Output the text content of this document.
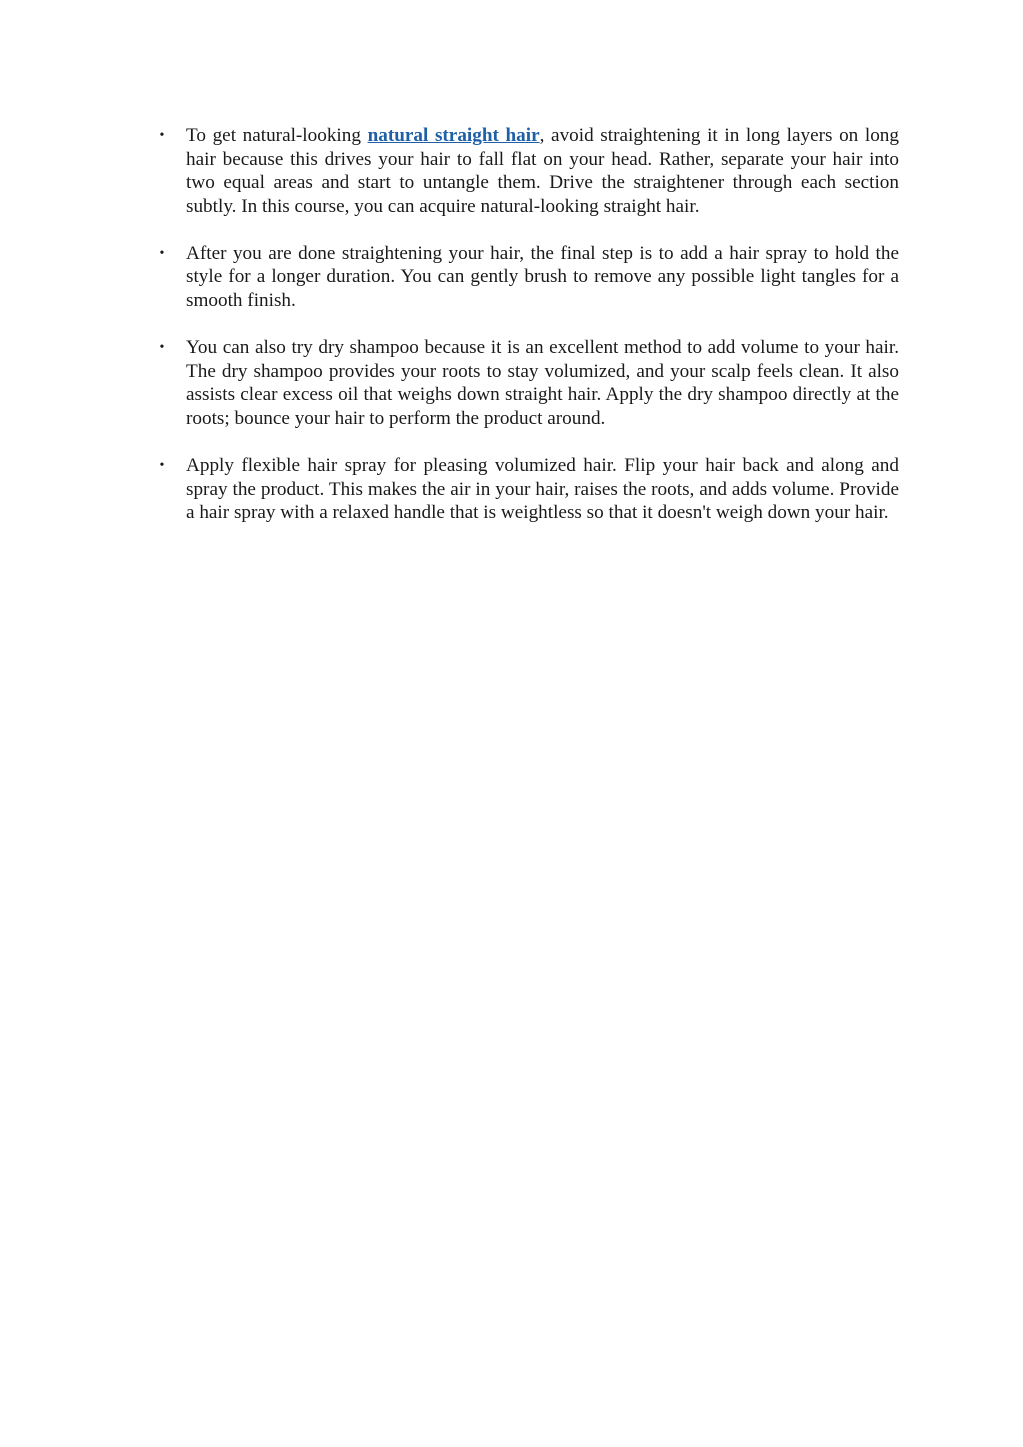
• To get natural-looking natural straight hair, avoid straightening it in long layers on long hair because this drives your hair to fall flat on your head. Rather, separate your hair into two equal areas and start to untangle them. Drive the straightener through each section subtly. In this course, you can acquire natural-looking straight hair.
• After you are done straightening your hair, the final step is to add a hair spray to hold the style for a longer duration. You can gently brush to remove any possible light tangles for a smooth finish.
• You can also try dry shampoo because it is an excellent method to add volume to your hair. The dry shampoo provides your roots to stay volumized, and your scalp feels clean. It also assists clear excess oil that weighs down straight hair. Apply the dry shampoo directly at the roots; bounce your hair to perform the product around.
• Apply flexible hair spray for pleasing volumized hair. Flip your hair back and along and spray the product. This makes the air in your hair, raises the roots, and adds volume. Provide a hair spray with a relaxed handle that is weightless so that it doesn't weigh down your hair.
